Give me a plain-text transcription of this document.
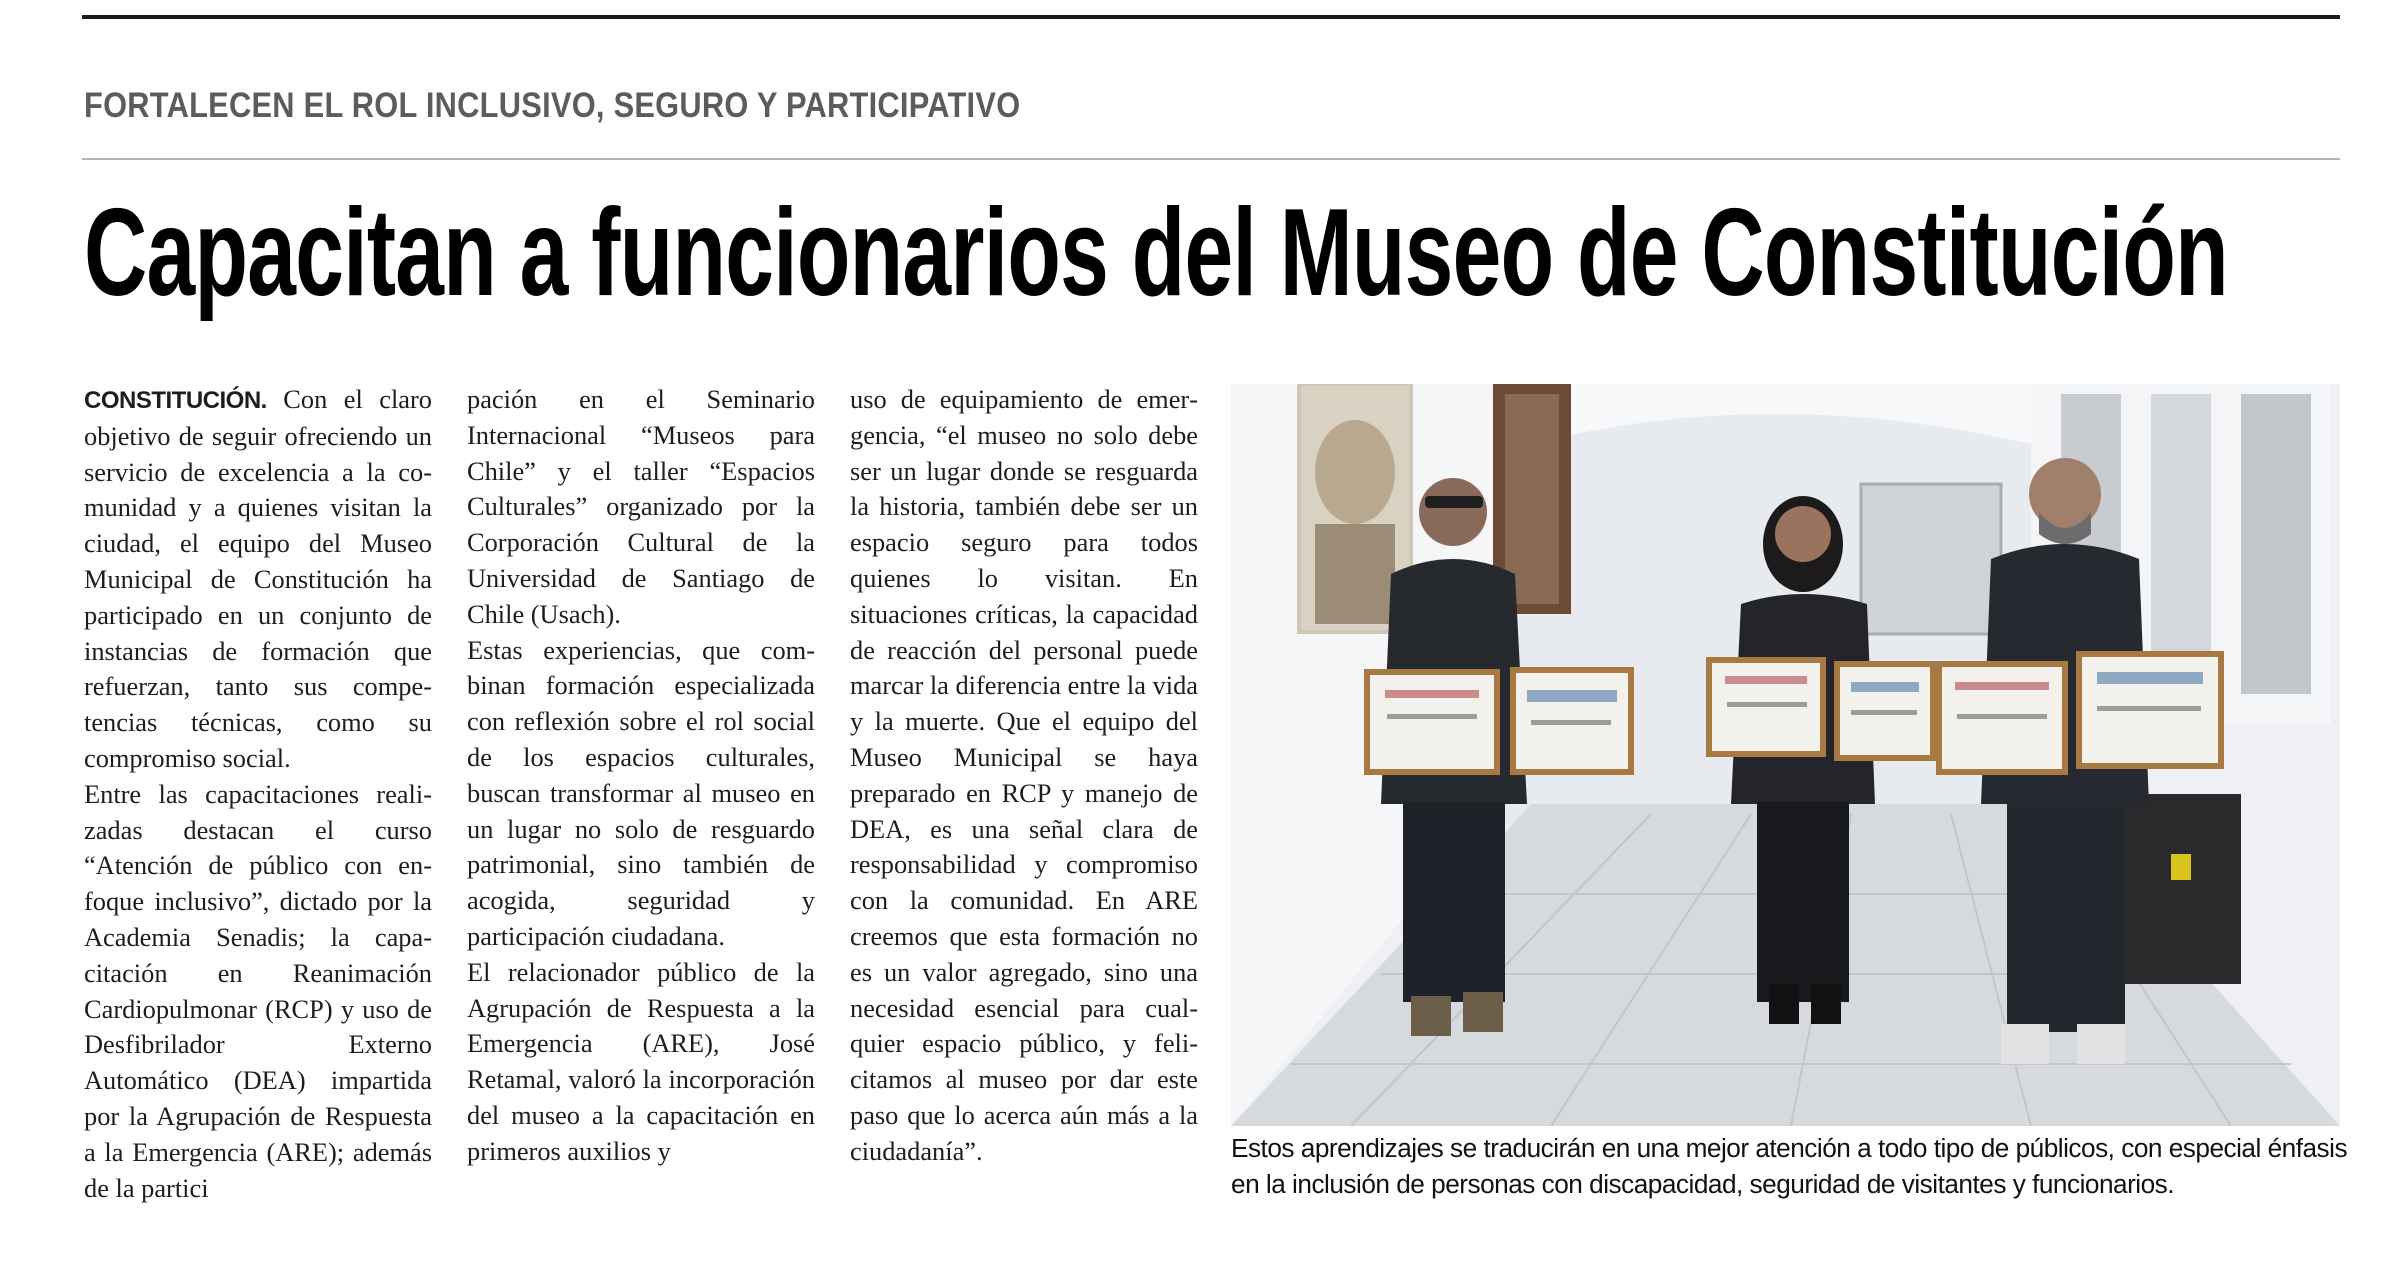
FORTALECEN EL ROL INCLUSIVO, SEGURO Y PARTICIPATIVO
Capacitan a funcionarios del Museo de Constitución

CONSTITUCIÓN. Con el claro objetivo de seguir ofreciendo un servicio de excelencia a la comunidad y a quienes visitan la ciudad, el equipo del Museo Municipal de Constitución ha participado en un conjunto de instancias de formación que refuerzan, tanto sus competencias técnicas, como su compromiso social.

Entre las capacitaciones realizadas destacan el curso “Atención de público con enfoque inclusivo”, dictado por la Academia Senadis; la capacitación en Reanimación Cardiopulmonar (RCP) y uso de Desfibrilador Externo Automático (DEA) impartida por la Agrupación de Respuesta a la Emergencia (ARE); además de la partici

pación en el Seminario Internacional “Museos para Chile” y el taller “Espacios Culturales” organizado por la Corporación Cultural de la Universidad de Santiago de Chile (Usach).

Estas experiencias, que combinan formación especializada con reflexión sobre el rol social de los espacios culturales, buscan transformar al museo en un lugar no solo de resguardo patrimonial, sino también de acogida, seguridad y participación ciudadana.

El relacionador público de la Agrupación de Respuesta a la Emergencia (ARE), José Retamal, valoró la incorporación del museo a la capacitación en primeros auxilios y

uso de equipamiento de emergencia, “el museo no solo debe ser un lugar donde se resguarda la historia, también debe ser un espacio seguro para todos quienes lo visitan. En situaciones críticas, la capacidad de reacción del personal puede marcar la diferencia entre la vida y la muerte. Que el equipo del Museo Municipal se haya preparado en RCP y manejo de DEA, es una señal clara de responsabilidad y compromiso con la comunidad. En ARE creemos que esta formación no es un valor agregado, sino una necesidad esencial para cualquier espacio público, y felicitamos al museo por dar este paso que lo acerca aún más a la ciudadanía”.	Estos aprendizajes se traducirán en una mejor atención a todo tipo de públicos, con especial énfasis en la inclusión de personas con discapacidad, seguridad de visitantes y funcionarios.
